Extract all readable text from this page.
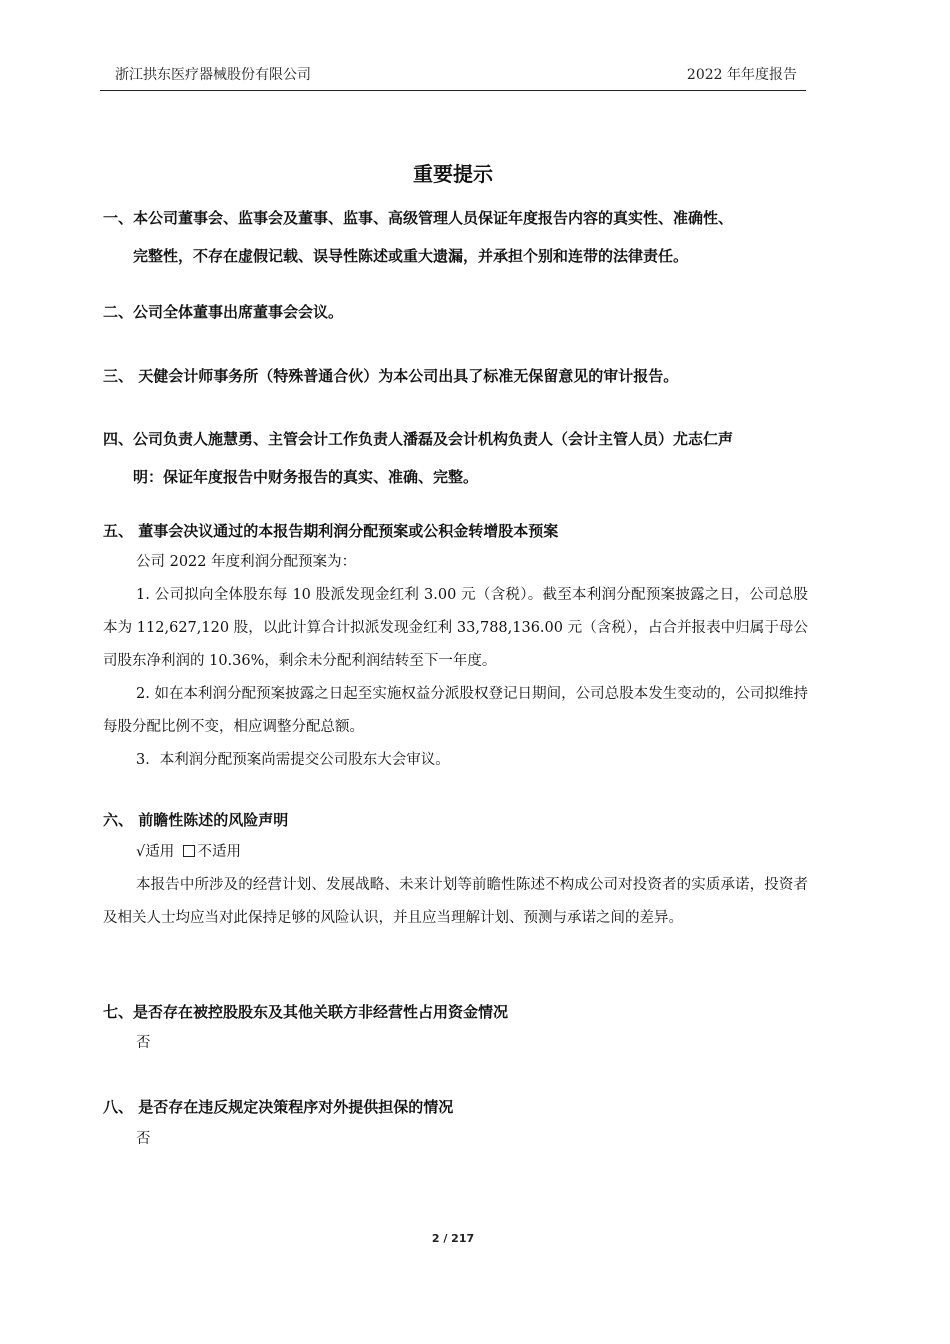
浙江拱东医疗器械股份有限公司	2022 年年度报告
重要提示
一、本公司董事会、监事会及董事、监事、高级管理人员保证年度报告内容的真实性、准确性、
完整性，不存在虚假记载、误导性陈述或重大遗漏，并承担个别和连带的法律责任。
二、公司全体董事出席董事会会议。
三、 天健会计师事务所（特殊普通合伙）为本公司出具了标准无保留意见的审计报告。
四、公司负责人施慧勇、主管会计工作负责人潘磊及会计机构负责人（会计主管人员）尤志仁声
明：保证年度报告中财务报告的真实、准确、完整。
五、 董事会决议通过的本报告期利润分配预案或公积金转增股本预案
公司 2022 年度利润分配预案为：
1. 公司拟向全体股东每 10 股派发现金红利 3.00 元（含税）。截至本利润分配预案披露之日，公司总股本为 112,627,120 股，以此计算合计拟派发现金红利 33,788,136.00 元（含税），占合并报表中归属于母公司股东净利润的 10.36%，剩余未分配利润结转至下一年度。
2. 如在本利润分配预案披露之日起至实施权益分派股权登记日期间，公司总股本发生变动的，公司拟维持每股分配比例不变，相应调整分配总额。
3．本利润分配预案尚需提交公司股东大会审议。
六、 前瞻性陈述的风险声明
√适用 不适用
本报告中所涉及的经营计划、发展战略、未来计划等前瞻性陈述不构成公司对投资者的实质承诺，投资者及相关人士均应当对此保持足够的风险认识，并且应当理解计划、预测与承诺之间的差异。
七、是否存在被控股股东及其他关联方非经营性占用资金情况
否
八、 是否存在违反规定决策程序对外提供担保的情况
否
2 / 217
